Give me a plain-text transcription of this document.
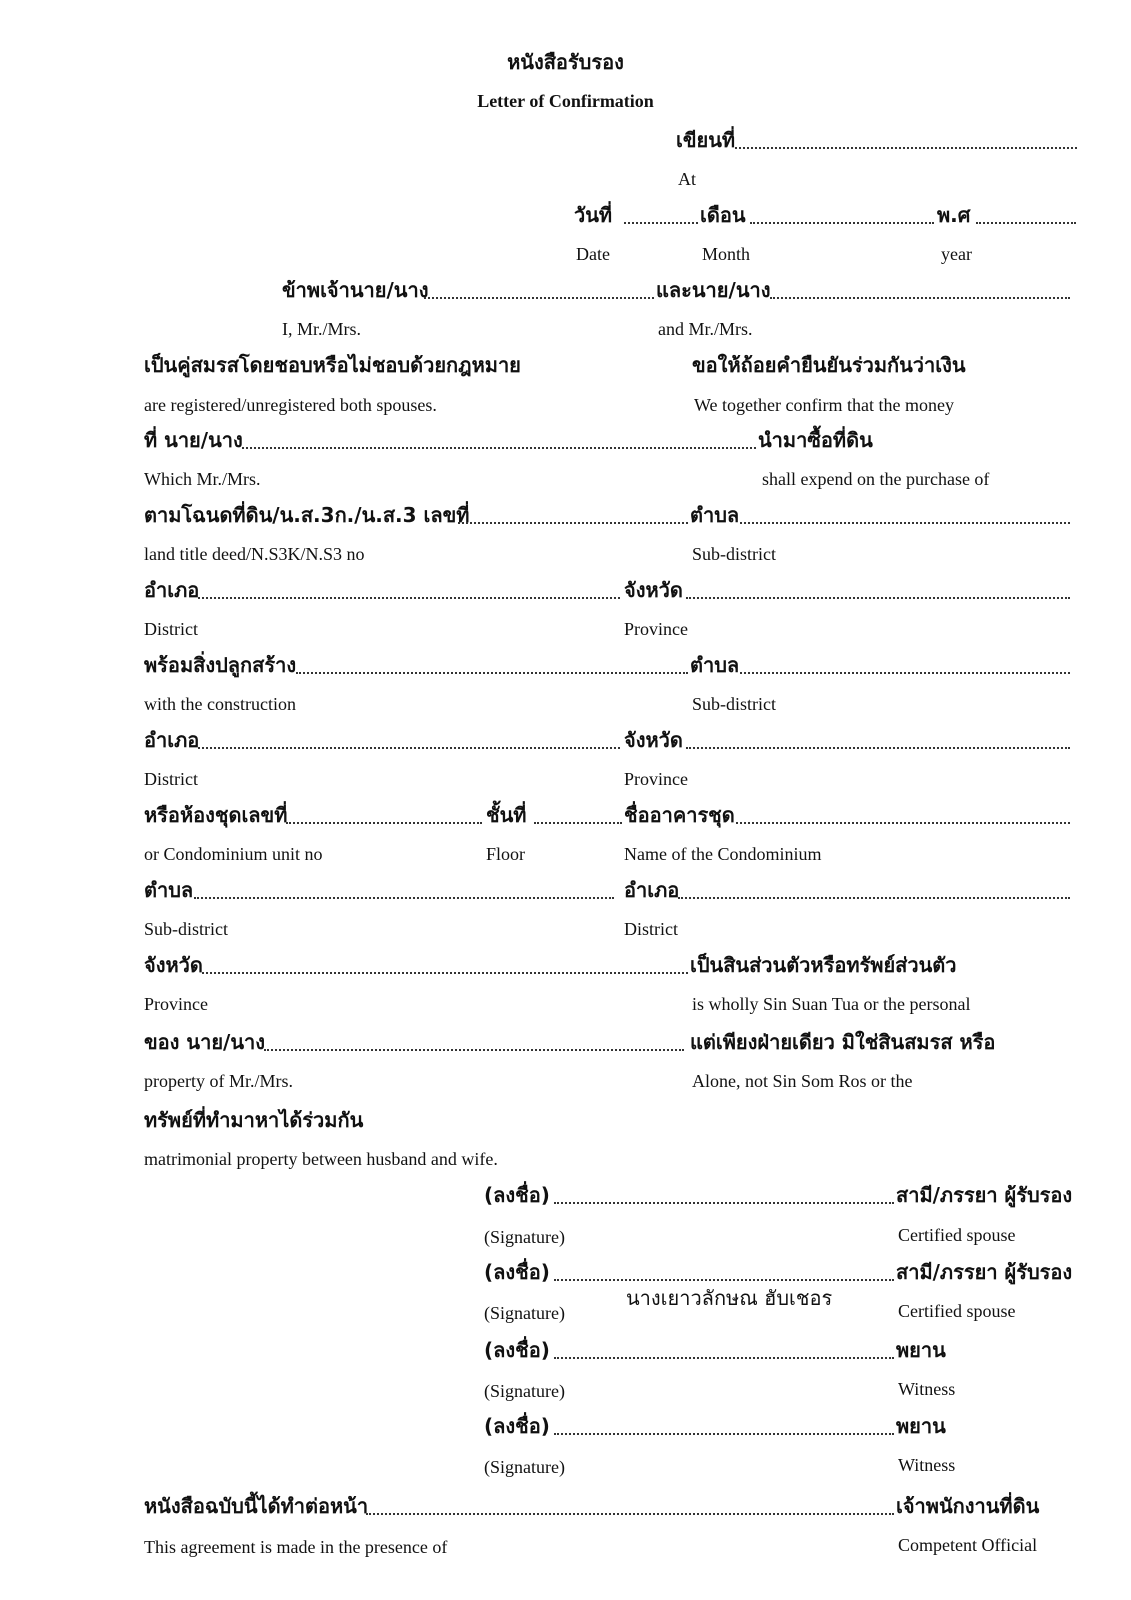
หนังสือรับรอง
Letter of Confirmation
เขียนที่
At
วันที่	เดือน	พ.ศ
Date	Month	year
ข้าพเจ้านาย/นาง	และนาย/นาง
I, Mr./Mrs.	and Mr./Mrs.
เป็นคู่สมรสโดยชอบหรือไม่ชอบด้วยกฎหมาย	ขอให้ถ้อยคำยืนยันร่วมกันว่าเงิน
are registered/unregistered both spouses.	We together confirm that the money
ที่ นาย/นาง	นำมาซื้อที่ดิน
Which Mr./Mrs.	shall expend on the purchase of
ตามโฉนดที่ดิน/น.ส.3ก./น.ส.3 เลขที่	ตำบล
land title deed/N.S3K/N.S3 no	Sub-district
อำเภอ	จังหวัด
District	Province
พร้อมสิ่งปลูกสร้าง	ตำบล
with the construction	Sub-district
อำเภอ	จังหวัด
District	Province
หรือห้องชุดเลขที่	ชั้นที่	ชื่ออาคารชุด
or Condominium unit no	Floor	Name of the Condominium
ตำบล	อำเภอ
Sub-district	District
จังหวัด	เป็นสินส่วนตัวหรือทรัพย์ส่วนตัว
Province	is wholly Sin Suan Tua or the personal
ของ นาย/นาง	แต่เพียงฝ่ายเดียว มิใช่สินสมรส หรือ
property of Mr./Mrs.	Alone, not Sin Som Ros or the
ทรัพย์ที่ทำมาหาได้ร่วมกัน
matrimonial property between husband and wife.
(ลงชื่อ)	สามี/ภรรยา ผู้รับรอง
(Signature)	Certified spouse
(ลงชื่อ)	สามี/ภรรยา ผู้รับรอง
นางเยาวลักษณ ฮับเชอร
(Signature)	Certified spouse
(ลงชื่อ)	พยาน
(Signature)	Witness
(ลงชื่อ)	พยาน
(Signature)	Witness
หนังสือฉบับนี้ได้ทำต่อหน้า	เจ้าพนักงานที่ดิน
This agreement is made in the presence of	Competent Official
